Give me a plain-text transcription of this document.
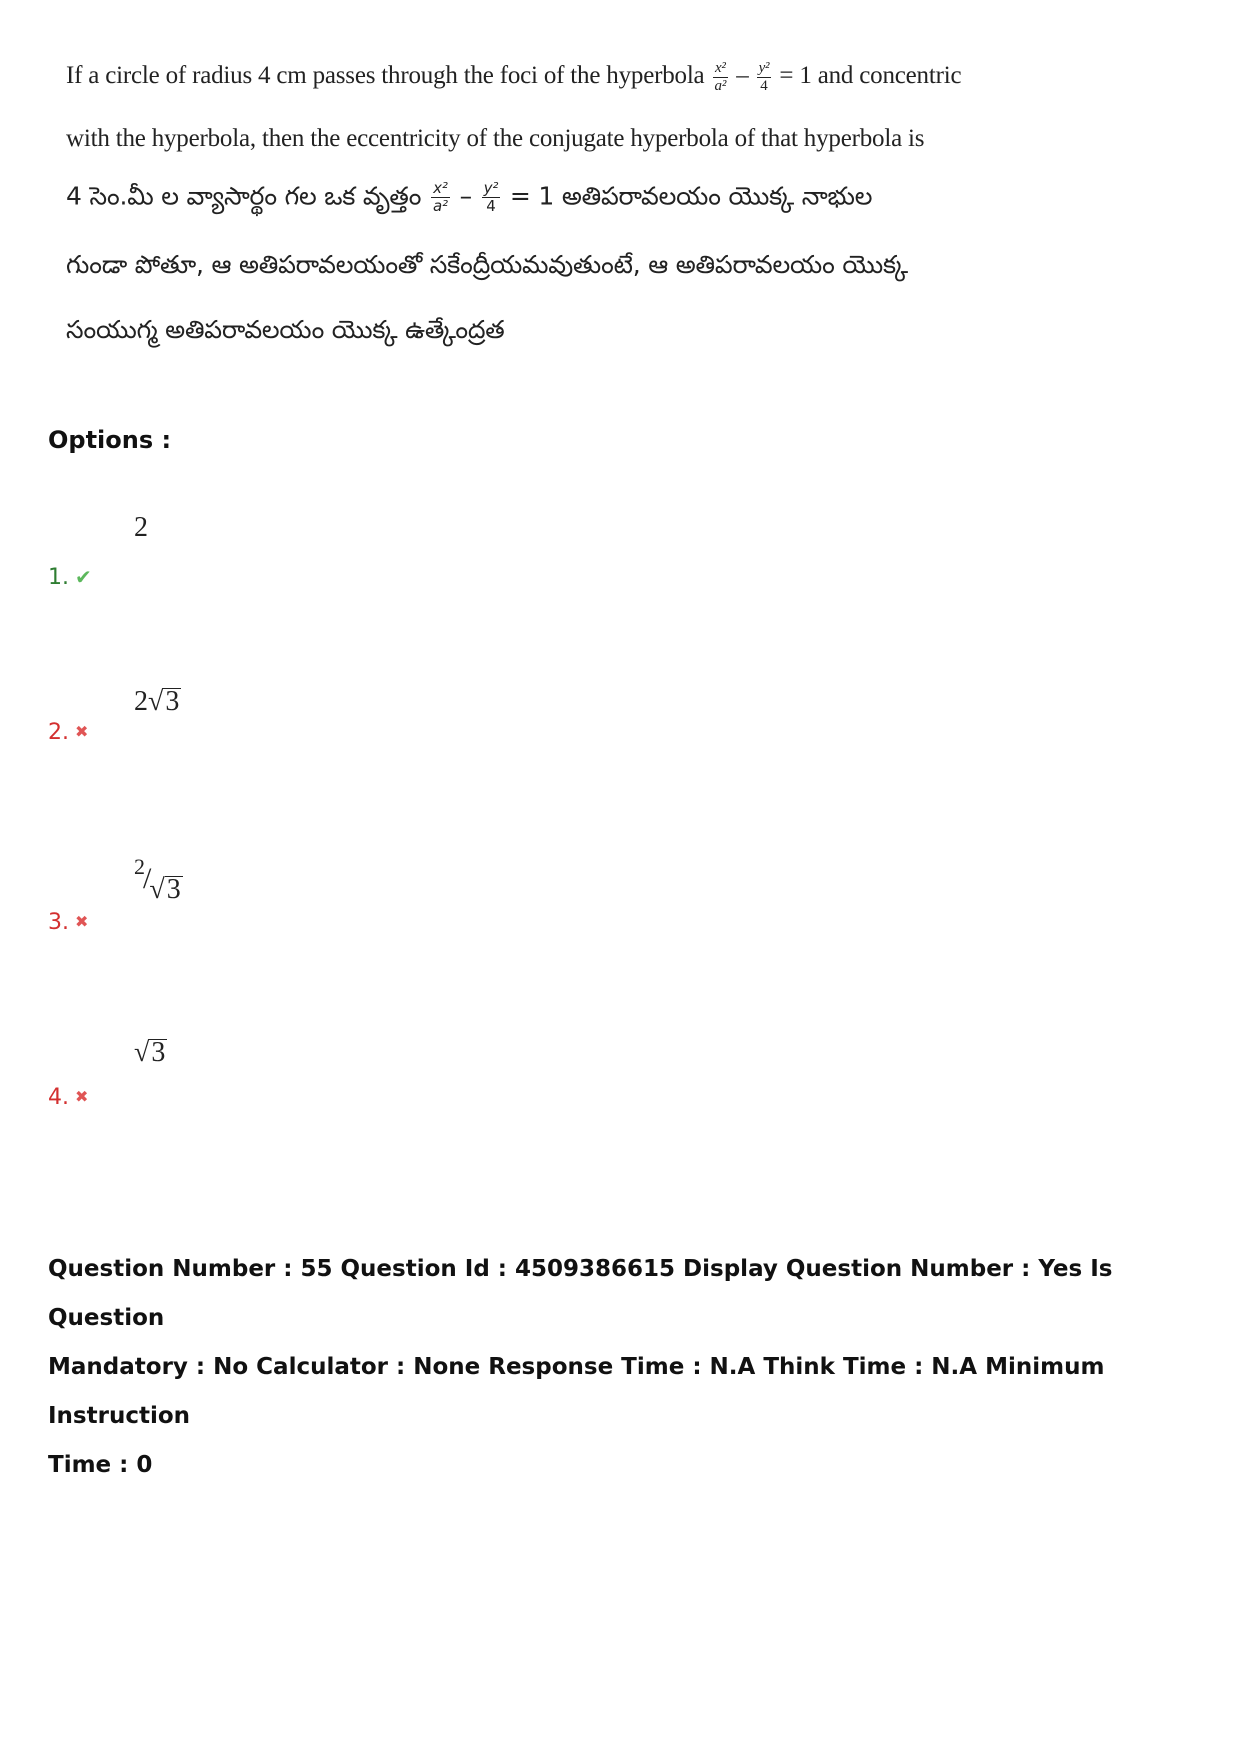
If a circle of radius 4 cm passes through the foci of the hyperbola $\frac{\text{x²}}{\text{a²}} - \frac{\text{y²}}{4} = 1$ and concentric
with the hyperbola, then the eccentricity of the conjugate hyperbola of that hyperbola is
4 సెం.మీ ల వ్యాసార్థం గల ఒక వృత్తం $\frac{\text{x²}}{\text{a²}} - \frac{\text{y²}}{4} = 1$ అతిపరావలయం యొక్క నాభుల
గుండా పోతూ, ఆ అతిపరావలయంతో సకేంద్రీయమవుతుంటే, ఆ అతిపరావలయం యొక్క
సంయుగ్మ అతిపరావలయం యొక్క ఉత్కేంద్రత
Options :
2
1. ✔
2√3
2. ✖
$^2$/√3
3. ✖
√3
4. ✖
Question Number : 55 Question Id : 4509386615 Display Question Number : Yes Is Question
Mandatory : No Calculator : None Response Time : N.A Think Time : N.A Minimum Instruction
Time : 0
